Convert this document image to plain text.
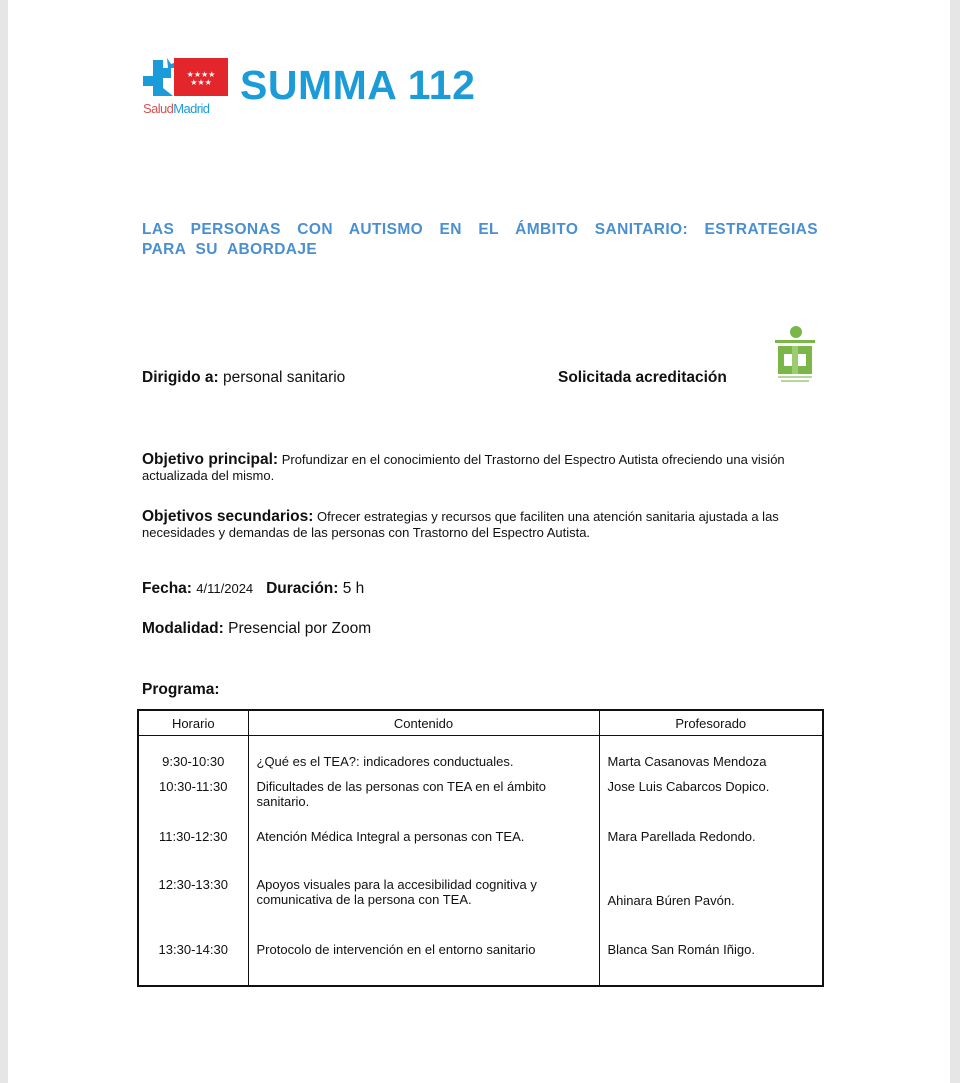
★★★★
★★★
SaludMadrid
SUMMA 112
LAS PERSONAS CON AUTISMO EN EL ÁMBITO SANITARIO: ESTRATEGIAS PARA SU ABORDAJE
Dirigido a: personal sanitario	Solicitada acreditación
Objetivo principal: Profundizar en el conocimiento del Trastorno del Espectro Autista ofreciendo una visión actualizada del mismo.
Objetivos secundarios: Ofrecer estrategias y recursos que faciliten una atención sanitaria ajustada a las necesidades y demandas de las personas con Trastorno del Espectro Autista.
Fecha: 4/11/2024 Duración: 5 h
Modalidad: Presencial por Zoom
Programa:
Horario	Contenido	Profesorado
9:30-10:30	¿Qué es el TEA?: indicadores conductuales.	Marta Casanovas Mendoza
10:30-11:30	Dificultades de las personas con TEA en el ámbito sanitario.	Jose Luis Cabarcos Dopico.
11:30-12:30	Atención Médica Integral a personas con TEA.	Mara Parellada Redondo.
12:30-13:30	Apoyos visuales para la accesibilidad cognitiva y comunicativa de la persona con TEA.	Ahinara Búren Pavón.
13:30-14:30	Protocolo de intervención en el entorno sanitario	Blanca San Román Iñigo.
